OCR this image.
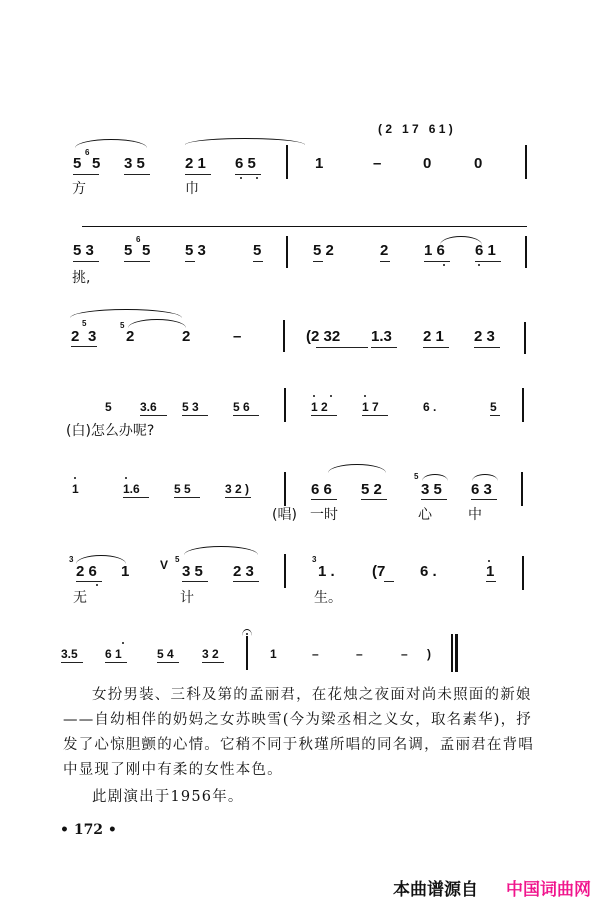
( 2   1 7   6 1 )
5
6
5 3 5	2 1 6 5	1	–	0	0
方	巾
5 3 5
6
5 5 3	5	5 2	2 1 6 6 1
挑,
2
5
3
5
2	2	–	(2 32 1.3 2 1 2 3
5 3.6 5 3	5 6	1 2	1 7	6 .	5
(白)怎么办呢?
1	1.6	5 5	3 2 )
(唱)
6 6 5 2
5
3 5 6 3
一时	心	中
3
2 6 1	V 5
3 5 2 3
3
1 . (7 6 .	1
无	计	生。
3.5 6 1	5 4 3 2	1	–	–	– )

女扮男装、三科及第的孟丽君，在花烛之夜面对尚未照面的新娘——自幼相伴的奶妈之女苏映雪(今为梁丞相之义女，取名素华)，抒发了心惊胆颤的心情。它稍不同于秋瑾所唱的同名调，孟丽君在背唱中显现了刚中有柔的女性本色。

此剧演出于1956年。

• 172 •
本曲谱源自 中国词曲网
